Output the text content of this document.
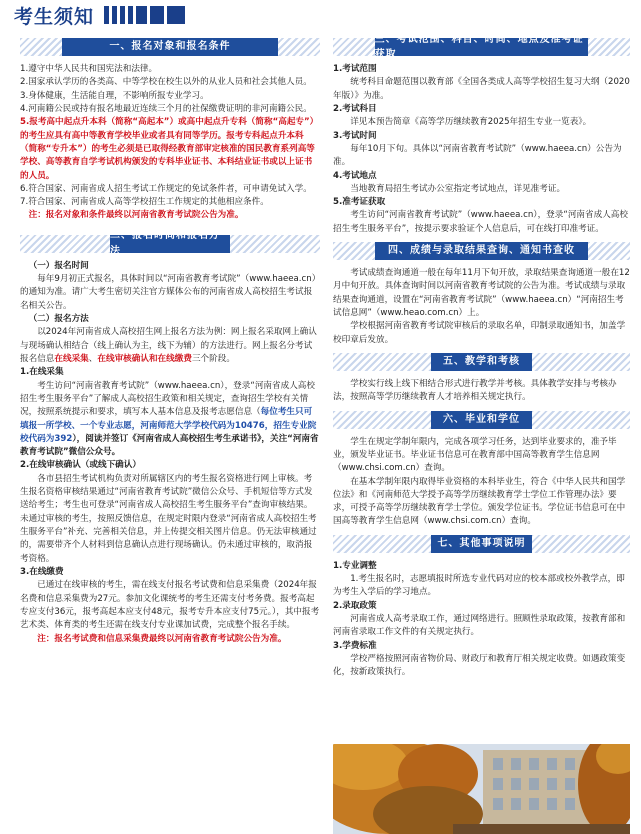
考生须知
一、报名对象和报名条件

1.遵守中华人民共和国宪法和法律。

2.国家承认学历的各类高、中等学校在校生以外的从业人员和社会其他人员。

3.身体健康，生活能自理，不影响所报专业学习。

4.河南籍公民或持有报名地最近连续三个月的社保缴费证明的非河南籍公民。

5.报考高中起点升本科（简称“高起本”）或高中起点升专科（简称“高起专”）的考生应具有高中等教育学校毕业或者具有同等学历。报考专科起点升本科（简称“专升本”）的考生必须是已取得经教育部审定核准的国民教育系列高等学校、高等教育自学考试机构颁发的专科毕业证书、本科结业证书或以上证书的人员。

6.符合国家、河南省成人招生考试工作规定的免试条件者，可申请免试入学。

7.符合国家、河南省成人高等学校招生工作规定的其他相应条件。

注：报名对象和条件最终以河南省教育考试院公告为准。

二、报名时间和报名方法

（一）报名时间

每年9月初正式报名，具体时间以“河南省教育考试院”（www.haeea.cn）的通知为准。请广大考生密切关注官方媒体公布的河南省成人高校招生考试报名相关公告。

（二）报名方法

以2024年河南省成人高校招生网上报名方法为例：网上报名采取网上确认与现场确认相结合（线上确认为主，线下为辅）的方法进行。网上报名分考试报名信息在线采集、在线审核确认和在线缴费三个阶段。

1.在线采集

考生访问“河南省教育考试院”（www.haeea.cn），登录“河南省成人高校招生考生服务平台”了解成人高校招生政策和相关规定，查询招生学校有关情况，按照系统提示和要求，填写本人基本信息及报考志愿信息（每位考生只可填报一所学校、一个专业志愿，河南师范大学学校代码为10476，招生专业院校代码为392），阅读并签订《河南省成人高校招生考生承诺书》，关注“河南省教育考试院”微信公众号。

2.在线审核确认（或线下确认）

各市县招生考试机构负责对所属辖区内的考生报名资格进行网上审核。考生报名资格审核结果通过“河南省教育考试院”微信公众号、手机短信等方式发送给考生；考生也可登录“河南省成人高校招生考生服务平台”查询审核结果。未通过审核的考生，按照反馈信息，在规定时限内登录“河南省成人高校招生考生服务平台”补充、完善相关信息，并上传提交相关图片信息。仍无法审核通过的，需要带齐个人材料到信息确认点进行现场确认。仍未通过审核的，取消报考资格。

3.在线缴费

已通过在线审核的考生，需在线支付报名考试费和信息采集费（2024年报名费和信息采集费为27元。参加文化课统考的考生还需支付考务费。报考高起专应支付36元，报考高起本应支付48元，报考专升本应支付75元。），其中报考艺术类、体育类的考生还需在线支付专业课加试费，完成整个报名手续。

注：报名考试费和信息采集费最终以河南省教育考试院公告为准。

三、考试范围、科目、时间、地点及准考证获取

1.考试范围

统考科目命题范围以教育部《全国各类成人高等学校招生复习大纲（2020年版）》为准。

2.考试科目

详见本预告简章《高等学历继续教育2025年招生专业一览表》。

3.考试时间

每年10月下旬。具体以“河南省教育考试院”（www.haeea.cn）公告为准。

4.考试地点

当地教育局招生考试办公室指定考试地点，详见准考证。

5.准考证获取

考生访问“河南省教育考试院”（www.haeea.cn），登录“河南省成人高校招生考生服务平台”，按提示要求验证个人信息后，可在线打印准考证。

四、成绩与录取结果查询、通知书查收

考试成绩查询通道一般在每年11月下旬开放，录取结果查询通道一般在12月中旬开放。具体查询时间以河南省教育考试院的公告为准。考试成绩与录取结果查询通道，设置在“河南省教育考试院”（www.haeea.cn）“河南招生考试信息网”（www.heao.com.cn）上。

学校根据河南省教育考试院审核后的录取名单，印制录取通知书，加盖学校印章后发放。

五、教学和考核

学校实行线上线下相结合形式进行教学并考核。具体教学安排与考核办法，按照高等学历继续教育人才培养相关规定执行。

六、毕业和学位

学生在规定学制年限内，完成各项学习任务，达到毕业要求的，准予毕业，颁发毕业证书。毕业证书信息可在教育部中国高等教育学生信息网（www.chsi.com.cn）查询。

在基本学制年限内取得毕业资格的本科毕业生，符合《中华人民共和国学位法》和《河南师范大学授予高等学历继续教育学士学位工作管理办法》要求，可授予高等学历继续教育学士学位。颁发学位证书。学位证书信息可在中国高等教育学生信息网（www.chsi.com.cn）查询。

七、其他事项说明

1.专业调整

1.考生报名时，志愿填报时所选专业代码对应的校本部或校外教学点，即为考生入学后的学习地点。

2.录取政策

河南省成人高考录取工作，通过网络进行。照顾性录取政策，按教育部和河南省录取工作文件的有关规定执行。

3.学费标准

学校严格按照河南省物价局、财政厅和教育厅相关规定收费。如遇政策变化，按新政策执行。
